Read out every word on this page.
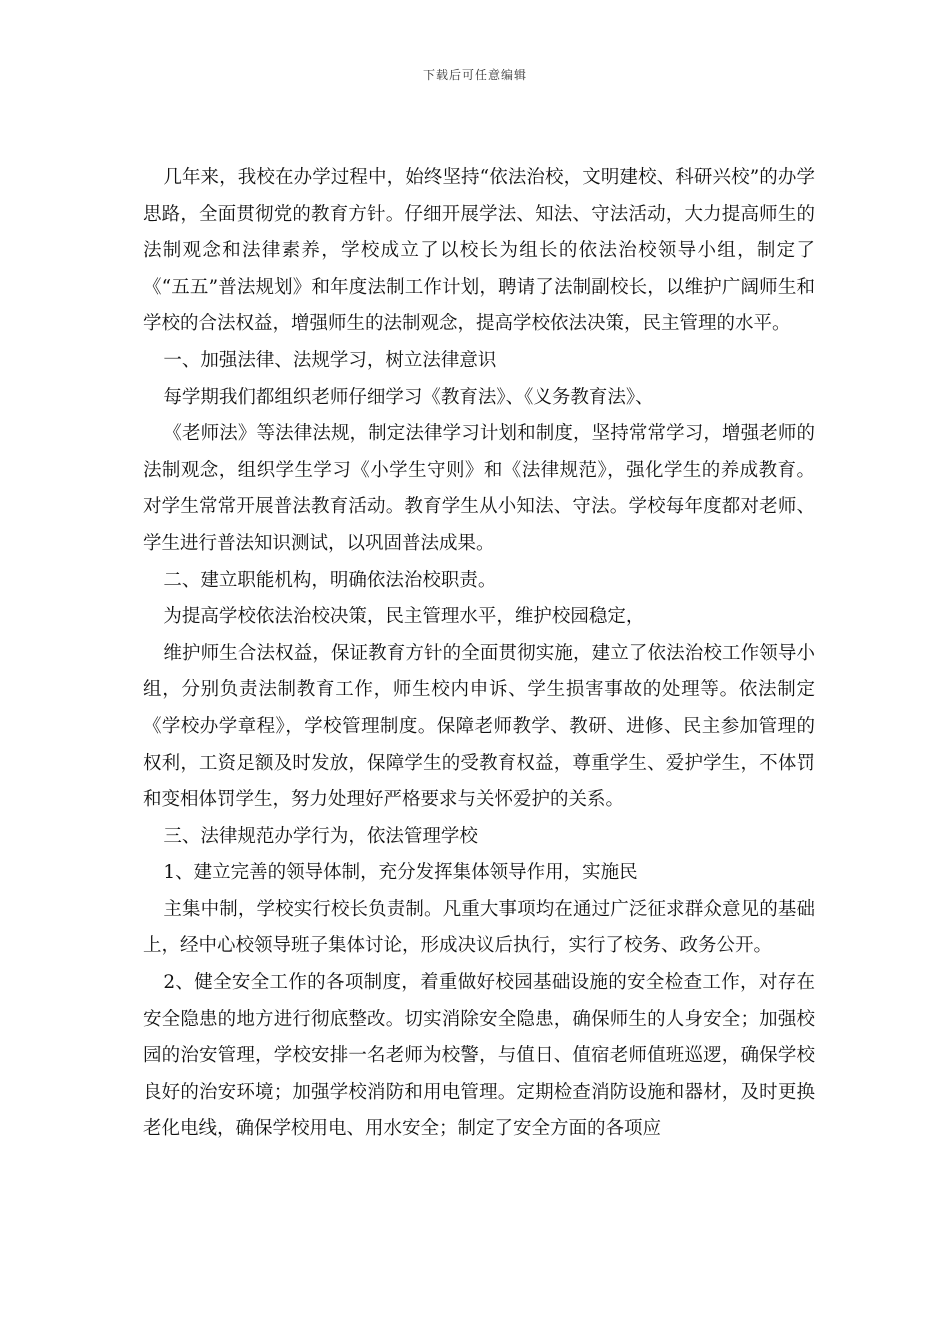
下载后可任意编辑

几年来，我校在办学过程中，始终坚持“依法治校，文明建校、科研兴校”的办学思路，全面贯彻党的教育方针。仔细开展学法、知法、守法活动，大力提高师生的法制观念和法律素养，学校成立了以校长为组长的依法治校领导小组，制定了《“五五”普法规划》和年度法制工作计划，聘请了法制副校长，以维护广阔师生和学校的合法权益，增强师生的法制观念，提高学校依法决策，民主管理的水平。

一、加强法律、法规学习，树立法律意识

每学期我们都组织老师仔细学习《教育法》、《义务教育法》、

《老师法》等法律法规，制定法律学习计划和制度，坚持常常学习，增强老师的法制观念，组织学生学习《小学生守则》和《法律规范》，强化学生的养成教育。对学生常常开展普法教育活动。教育学生从小知法、守法。学校每年度都对老师、学生进行普法知识测试，以巩固普法成果。

二、建立职能机构，明确依法治校职责。

为提高学校依法治校决策，民主管理水平，维护校园稳定，

维护师生合法权益，保证教育方针的全面贯彻实施，建立了依法治校工作领导小组，分别负责法制教育工作，师生校内申诉、学生损害事故的处理等。依法制定《学校办学章程》，学校管理制度。保障老师教学、教研、进修、民主参加管理的权利，工资足额及时发放，保障学生的受教育权益，尊重学生、爱护学生，不体罚和变相体罚学生，努力处理好严格要求与关怀爱护的关系。

三、法律规范办学行为，依法管理学校

1、建立完善的领导体制，充分发挥集体领导作用，实施民

主集中制，学校实行校长负责制。凡重大事项均在通过广泛征求群众意见的基础上，经中心校领导班子集体讨论，形成决议后执行，实行了校务、政务公开。

2、健全安全工作的各项制度，着重做好校园基础设施的安全检查工作，对存在安全隐患的地方进行彻底整改。切实消除安全隐患，确保师生的人身安全；加强校园的治安管理，学校安排一名老师为校警，与值日、值宿老师值班巡逻，确保学校良好的治安环境；加强学校消防和用电管理。定期检查消防设施和器材，及时更换老化电线，确保学校用电、用水安全；制定了安全方面的各项应
